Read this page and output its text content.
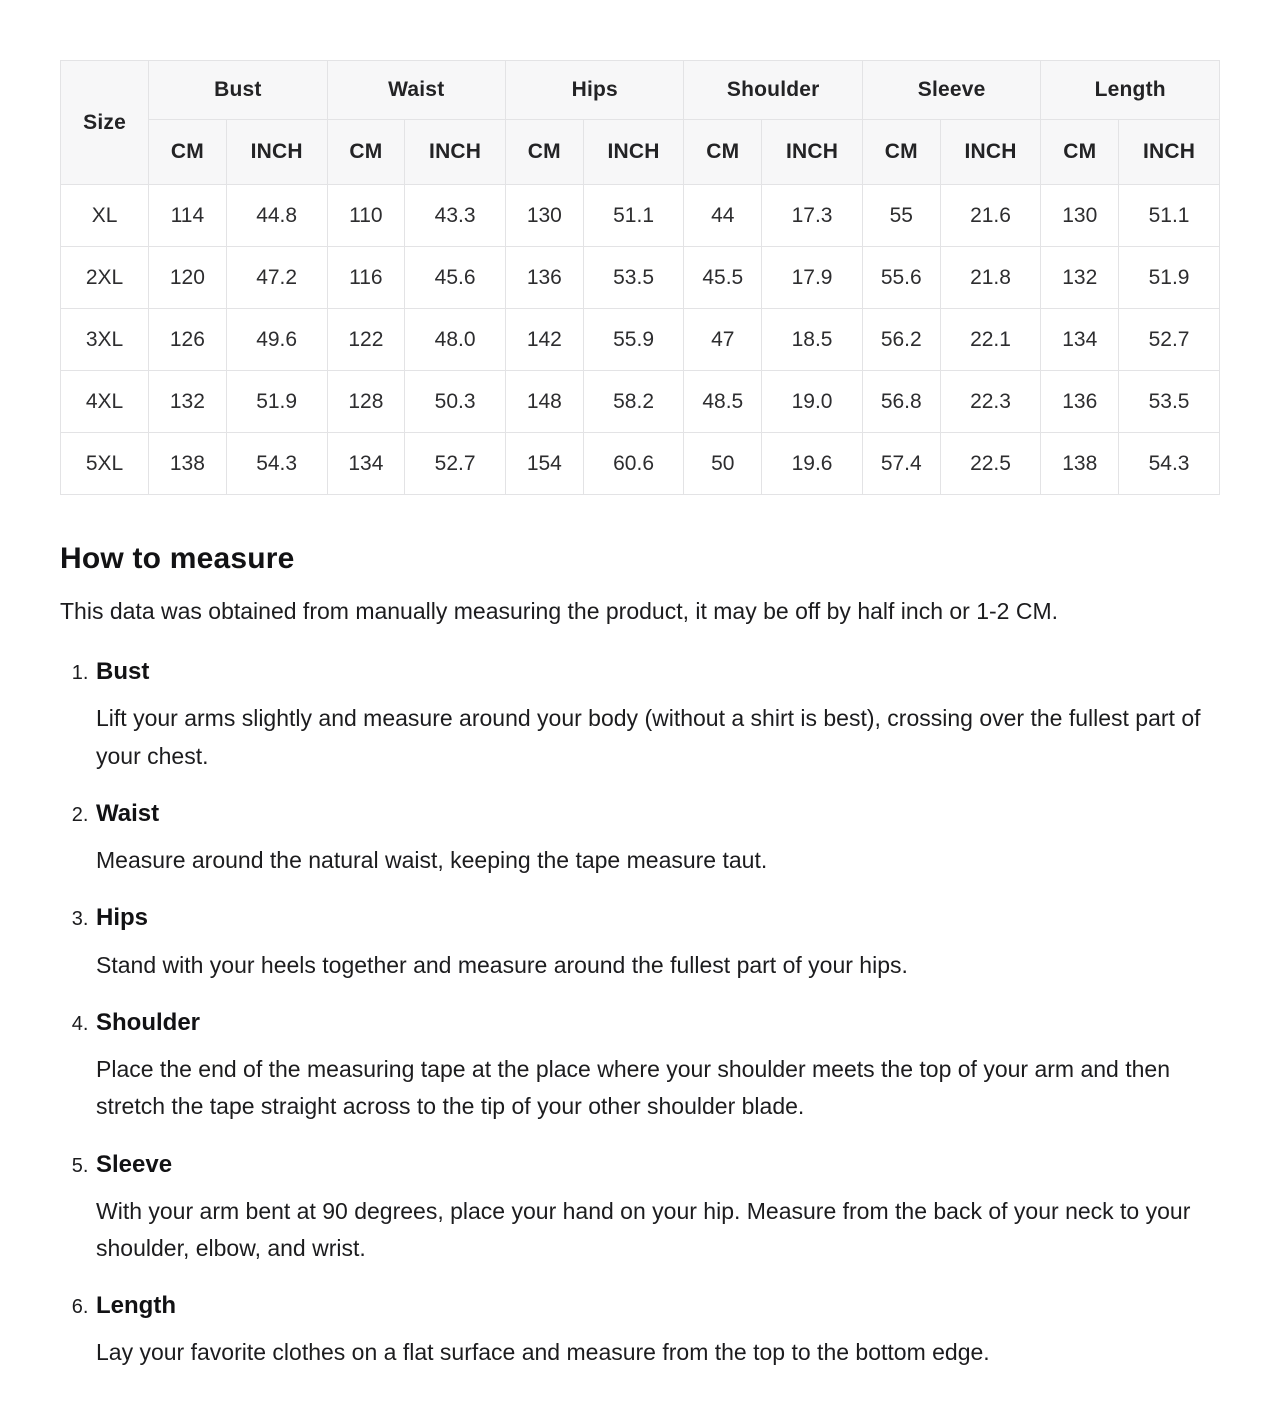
Size	Bust		Waist		Hips		Shoulder		Sleeve		Length	
	CM	INCH	CM	INCH	CM	INCH	CM	INCH	CM	INCH	CM	INCH
XL	114	44.8	110	43.3	130	51.1	44	17.3	55	21.6	130	51.1
2XL	120	47.2	116	45.6	136	53.5	45.5	17.9	55.6	21.8	132	51.9
3XL	126	49.6	122	48.0	142	55.9	47	18.5	56.2	22.1	134	52.7
4XL	132	51.9	128	50.3	148	58.2	48.5	19.0	56.8	22.3	136	53.5
5XL	138	54.3	134	52.7	154	60.6	50	19.6	57.4	22.5	138	54.3
How to measure

This data was obtained from manually measuring the product, it may be off by half inch or 1-2 CM.

1. Bust

Lift your arms slightly and measure around your body (without a shirt is best), crossing over the fullest part of your chest.

2. Waist

Measure around the natural waist, keeping the tape measure taut.

3. Hips

Stand with your heels together and measure around the fullest part of your hips.

4. Shoulder

Place the end of the measuring tape at the place where your shoulder meets the top of your arm and then stretch the tape straight across to the tip of your other shoulder blade.

5. Sleeve

With your arm bent at 90 degrees, place your hand on your hip. Measure from the back of your neck to your shoulder, elbow, and wrist.

6. Length

Lay your favorite clothes on a flat surface and measure from the top to the bottom edge.
